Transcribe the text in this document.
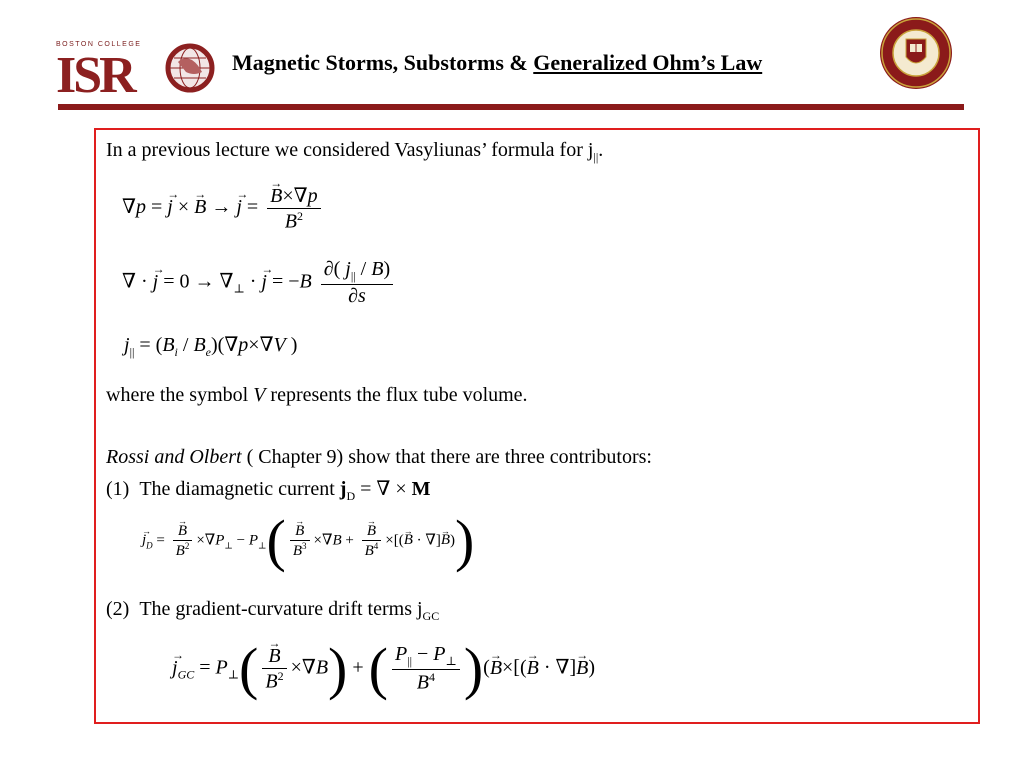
BOSTON COLLEGE
ISR	Magnetic Storms, Substorms & Generalized Ohm’s Law
In a previous lecture we considered Vasyliunas’ formula for $j_{||}$.
∇p = → j × → B → → j =
→ $\frac{B\times\nabla p}{B^2}$
∇ · → $j = 0 \to \nabla_\perp$ · → $j = -B \frac{\partial( j_{||} / B)}{\partial s}$
$j_{||} = (B_i / B_e)(\nabla p\times\nabla V$ )
where the symbol V represents the flux tube volume.
Rossi and Olbert ( Chapter 9) show that there are three contributors:
(1) The diamagnetic current $j_D$ = ∇ × M
→ $j_D$ =
→ $\frac{B}{B^2} \times\nabla P_\perp - P_\perp$(
→ $\frac{B}{B^3} \times\nabla B$ +
→ $\frac{B}{B^4}$ ×[(→ B · ∇]→ B))
(2) The gradient-curvature drift terms $j_{GC}$
→ $j_{GC} = P_\perp$(
→ $\frac{B}{B^2} \times\nabla B$) + ( $\frac{P_{||} - P_\perp}{B^4}$ )(→ B×[(→ B · ∇]→ B)
